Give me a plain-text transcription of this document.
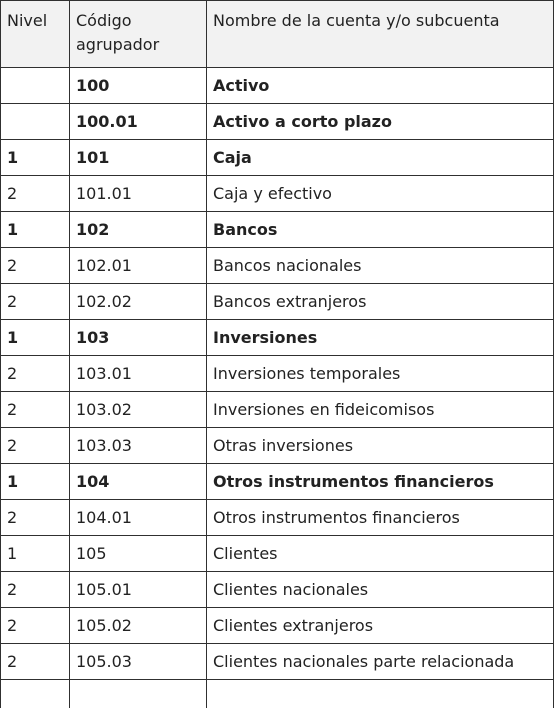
Nivel	Código agrupador	Nombre de la cuenta y/o subcuenta
	100	Activo
	100.01	Activo a corto plazo
1	101	Caja
2	101.01	Caja y efectivo
1	102	Bancos
2	102.01	Bancos nacionales
2	102.02	Bancos extranjeros
1	103	Inversiones
2	103.01	Inversiones temporales
2	103.02	Inversiones en fideicomisos
2	103.03	Otras inversiones
1	104	Otros instrumentos financieros
2	104.01	Otros instrumentos financieros
1	105	Clientes
2	105.01	Clientes nacionales
2	105.02	Clientes extranjeros
2	105.03	Clientes nacionales parte relacionada
